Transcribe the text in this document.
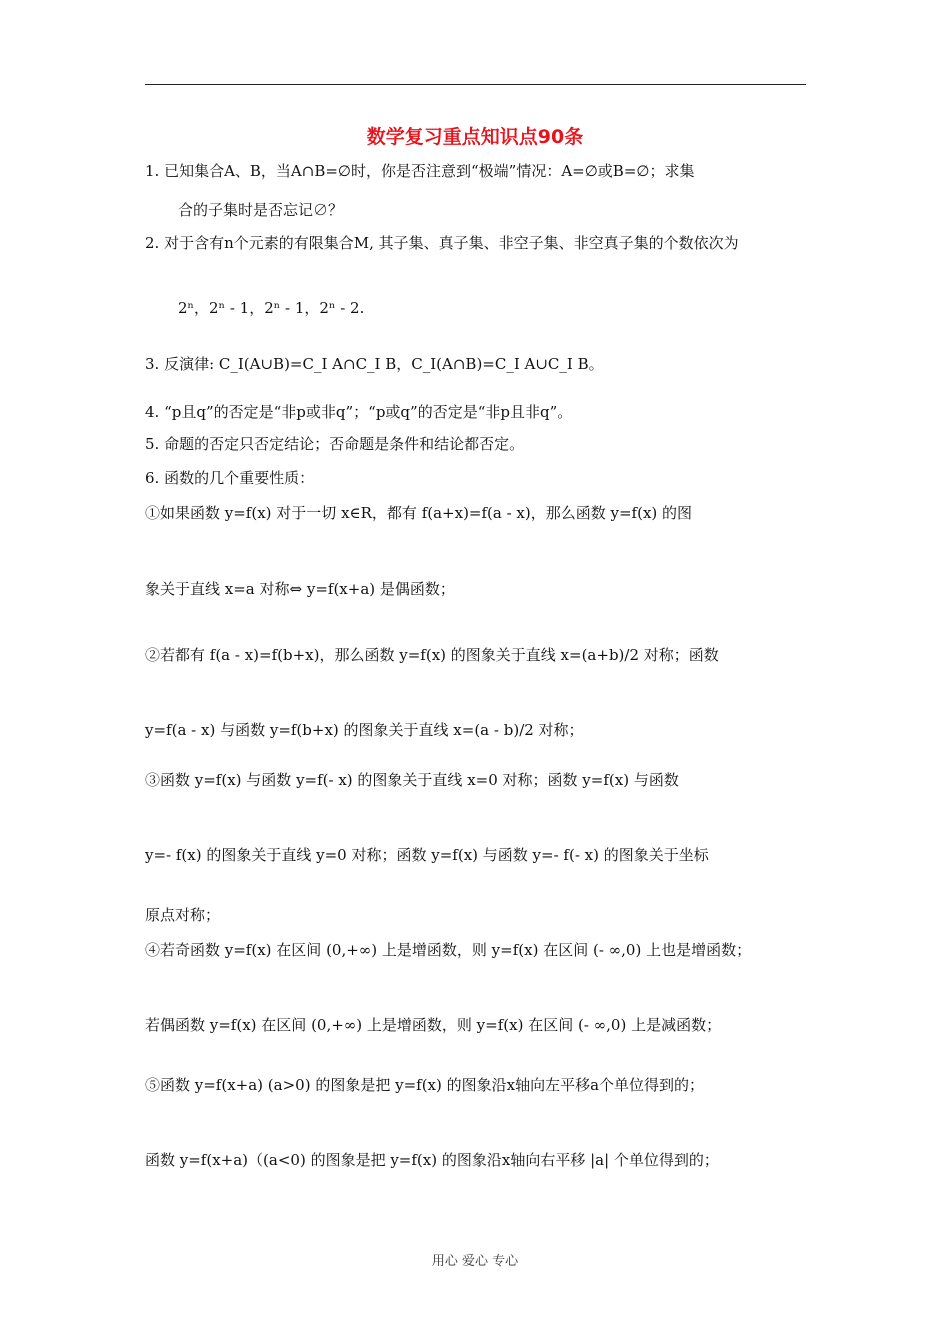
数学复习重点知识点90条
1. 已知集合A、B，当A∩B=∅时，你是否注意到“极端”情况：A=∅或B=∅；求集
合的子集时是否忘记∅？
2. 对于含有n个元素的有限集合M, 其子集、真子集、非空子集、非空真子集的个数依次为
2ⁿ，2ⁿ - 1，2ⁿ - 1，2ⁿ - 2.
3. 反演律: C_I(A∪B)=C_I A∩C_I B，C_I(A∩B)=C_I A∪C_I B。
4. “p且q”的否定是“非p或非q”；“p或q”的否定是“非p且非q”。
5. 命题的否定只否定结论；否命题是条件和结论都否定。
6. 函数的几个重要性质：
①如果函数 y=f(x) 对于一切 x∈R，都有 f(a+x)=f(a - x)，那么函数 y=f(x) 的图
象关于直线 x=a 对称⇔ y=f(x+a) 是偶函数；
②若都有 f(a - x)=f(b+x)，那么函数 y=f(x) 的图象关于直线 x=(a+b)/2 对称；函数
y=f(a - x) 与函数 y=f(b+x) 的图象关于直线 x=(a - b)/2 对称；
③函数 y=f(x) 与函数 y=f(- x) 的图象关于直线 x=0 对称；函数 y=f(x) 与函数
y=- f(x) 的图象关于直线 y=0 对称；函数 y=f(x) 与函数 y=- f(- x) 的图象关于坐标
原点对称；
④若奇函数 y=f(x) 在区间 (0,+∞) 上是增函数，则 y=f(x) 在区间 (- ∞,0) 上也是增函数；
若偶函数 y=f(x) 在区间 (0,+∞) 上是增函数，则 y=f(x) 在区间 (- ∞,0) 上是减函数；
⑤函数 y=f(x+a) (a>0) 的图象是把 y=f(x) 的图象沿x轴向左平移a个单位得到的；
函数 y=f(x+a)（(a<0) 的图象是把 y=f(x) 的图象沿x轴向右平移 |a| 个单位得到的；
用心 爱心 专心
